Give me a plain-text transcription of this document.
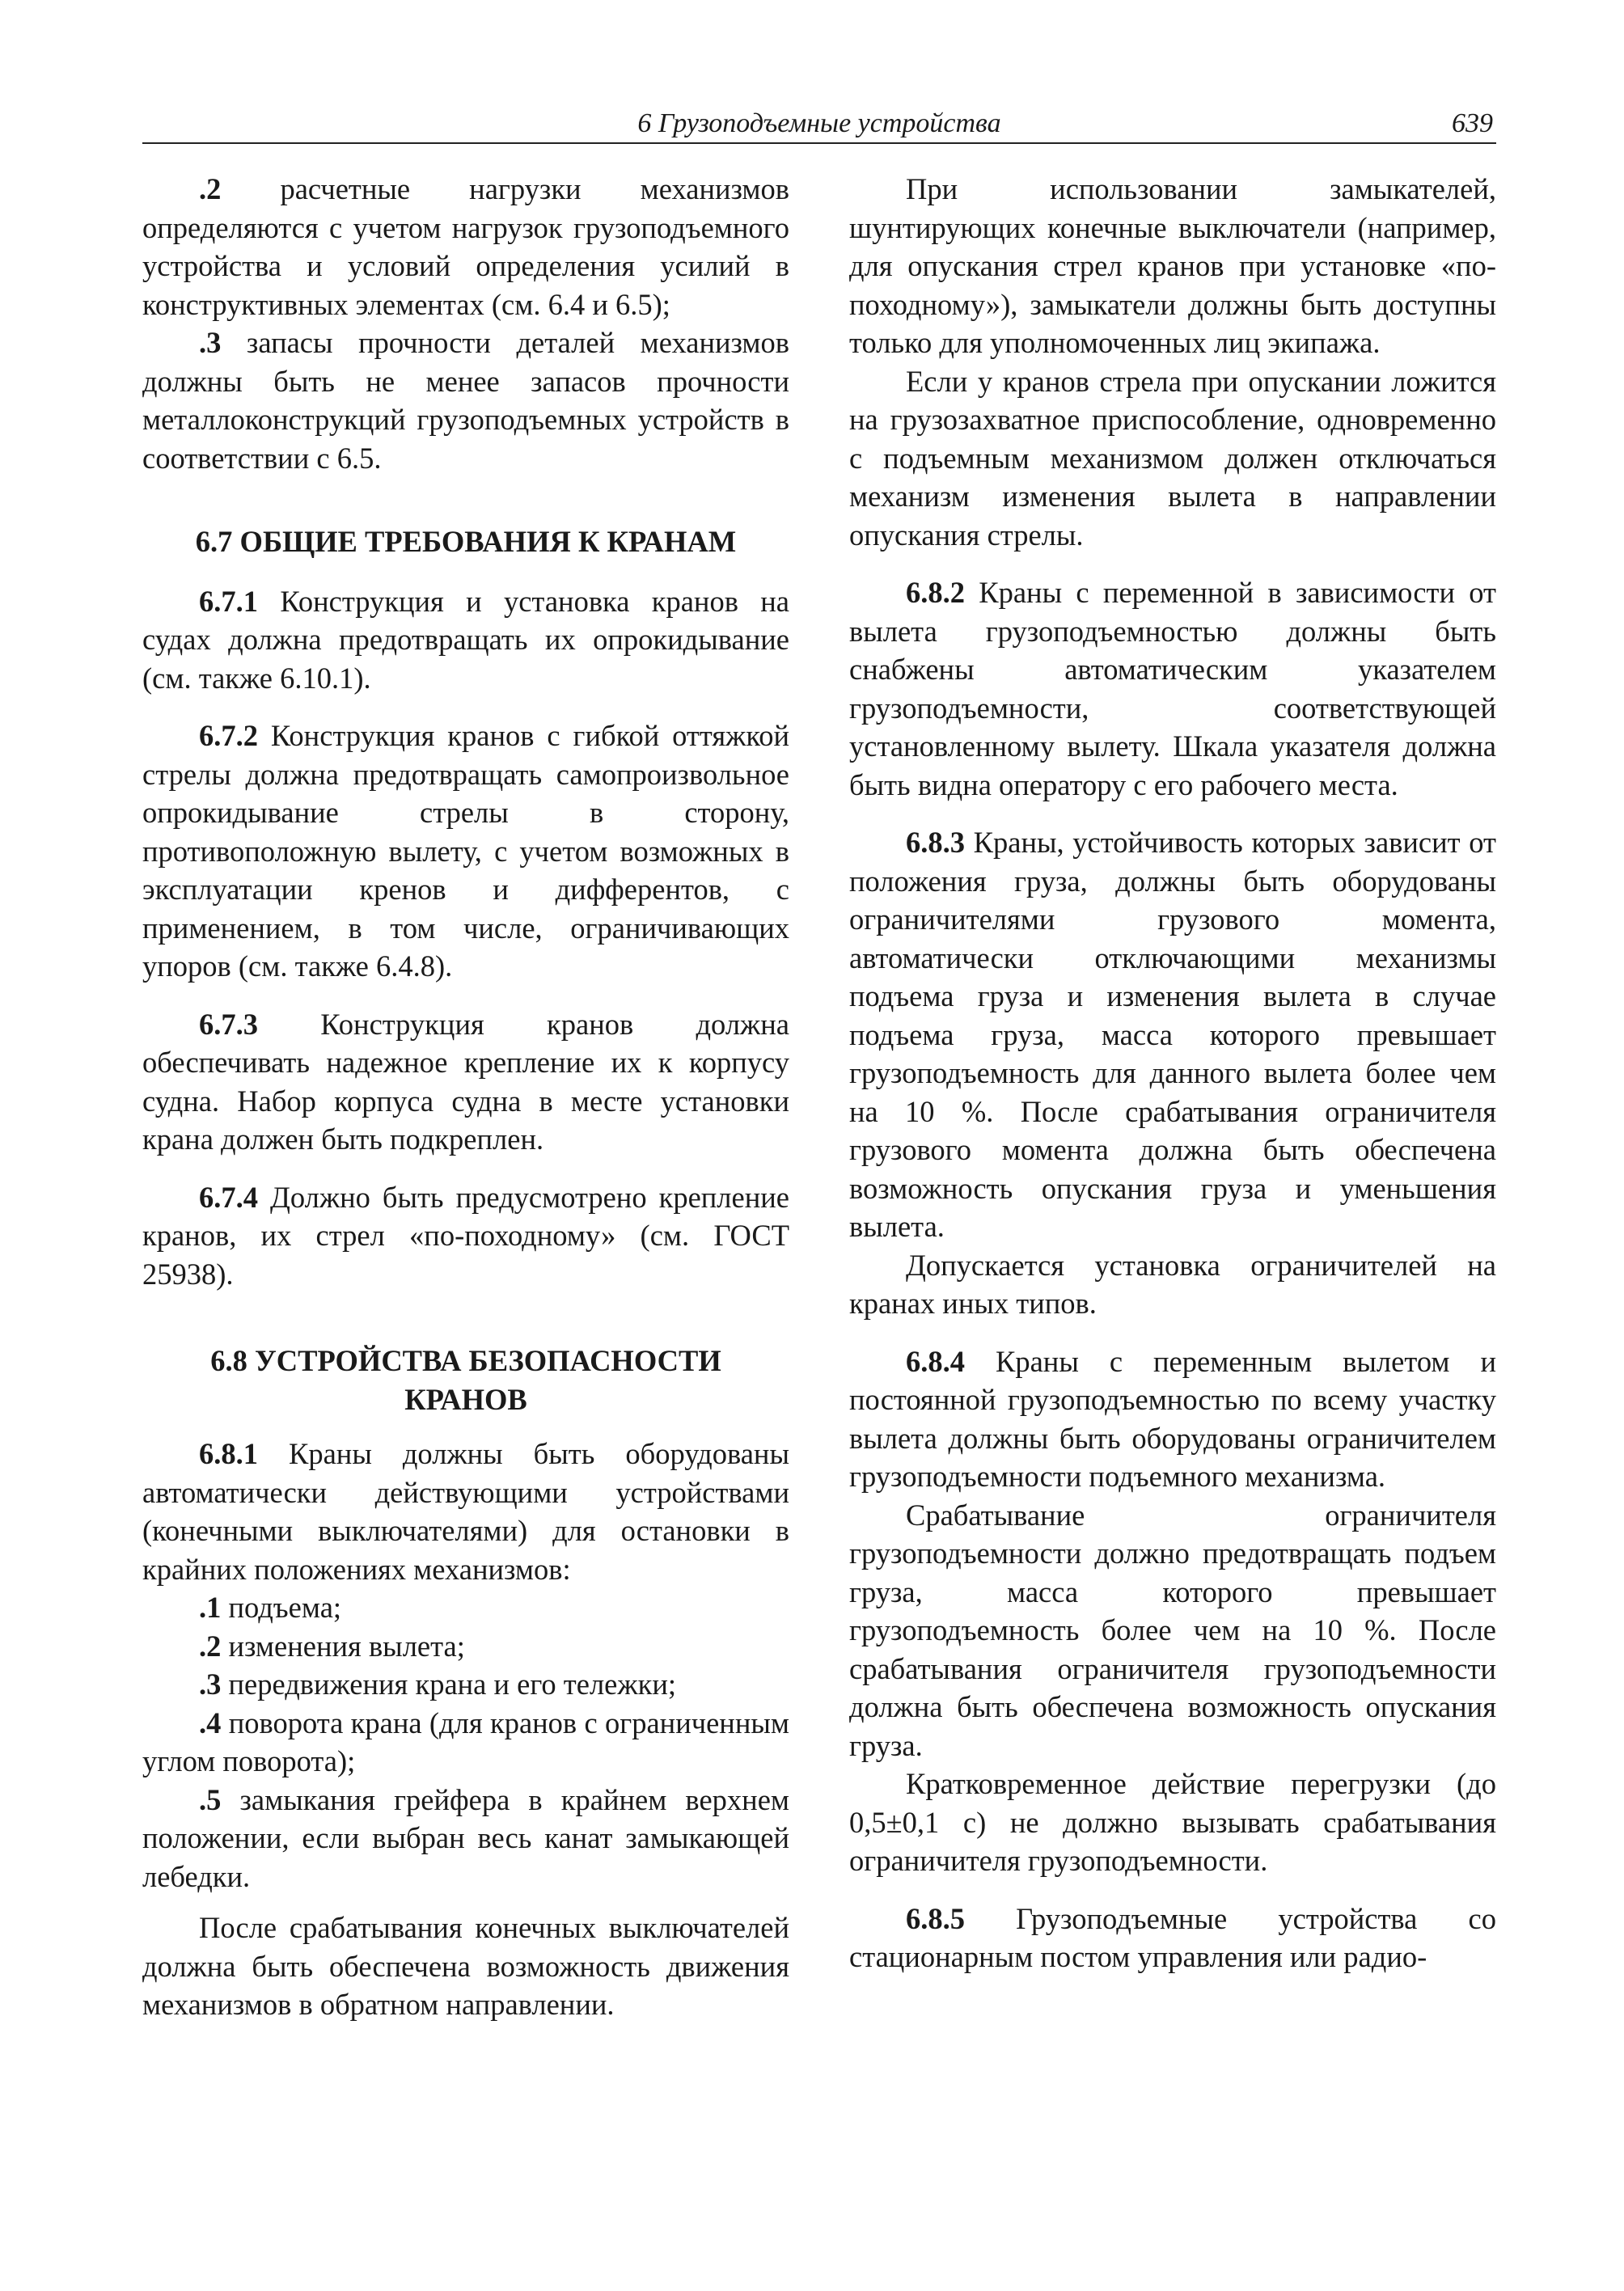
6 Грузоподъемные устройства	639

.2 расчетные нагрузки механизмов определяются с учетом нагрузок грузоподъемного устройства и условий определения усилий в конструктивных элементах (см. 6.4 и 6.5);

.3 запасы прочности деталей механизмов должны быть не менее запасов прочности металлоконструкций грузоподъемных устройств в соответствии с 6.5.

6.7 ОБЩИЕ ТРЕБОВАНИЯ К КРАНАМ

6.7.1 Конструкция и установка кранов на судах должна предотвращать их опрокидывание (см. также 6.10.1).

6.7.2 Конструкция кранов с гибкой оттяжкой стрелы должна предотвращать самопроизвольное опрокидывание стрелы в сторону, противоположную вылету, с учетом возможных в эксплуатации кренов и дифферентов, с применением, в том числе, ограничивающих упоров (см. также 6.4.8).

6.7.3 Конструкция кранов должна обеспечивать надежное крепление их к корпусу судна. Набор корпуса судна в месте установки крана должен быть подкреплен.

6.7.4 Должно быть предусмотрено крепление кранов, их стрел «по-походному» (см. ГОСТ 25938).

6.8 УСТРОЙСТВА БЕЗОПАСНОСТИ
КРАНОВ

6.8.1 Краны должны быть оборудованы автоматически действующими устройствами (конечными выключателями) для остановки в крайних положениях механизмов:

.1 подъема;

.2 изменения вылета;

.3 передвижения крана и его тележки;

.4 поворота крана (для кранов с ограниченным углом поворота);

.5 замыкания грейфера в крайнем верхнем положении, если выбран весь канат замыкающей лебедки.

После срабатывания конечных выключателей должна быть обеспечена возможность движения механизмов в обратном направлении.

При использовании замыкателей, шунтирующих конечные выключатели (например, для опускания стрел кранов при установке «по-походному»), замыкатели должны быть доступны только для уполномоченных лиц экипажа.

Если у кранов стрела при опускании ложится на грузозахватное приспособление, одновременно с подъемным механизмом должен отключаться механизм изменения вылета в направлении опускания стрелы.

6.8.2 Краны с переменной в зависимости от вылета грузоподъемностью должны быть снабжены автоматическим указателем грузоподъемности, соответствующей установленному вылету. Шкала указателя должна быть видна оператору с его рабочего места.

6.8.3 Краны, устойчивость которых зависит от положения груза, должны быть оборудованы ограничителями грузового момента, автоматически отключающими механизмы подъема груза и изменения вылета в случае подъема груза, масса которого превышает грузоподъемность для данного вылета более чем на 10 %. После срабатывания ограничителя грузового момента должна быть обеспечена возможность опускания груза и уменьшения вылета.

Допускается установка ограничителей на кранах иных типов.

6.8.4 Краны с переменным вылетом и постоянной грузоподъемностью по всему участку вылета должны быть оборудованы ограничителем грузоподъемности подъемного механизма.

Срабатывание ограничителя грузоподъемности должно предотвращать подъем груза, масса которого превышает грузоподъемность более чем на 10 %. После срабатывания ограничителя грузоподъемности должна быть обеспечена возможность опускания груза.

Кратковременное действие перегрузки (до 0,5±0,1 с) не должно вызывать срабатывания ограничителя грузоподъемности.

6.8.5 Грузоподъемные устройства со стационарным постом управления или радио-
